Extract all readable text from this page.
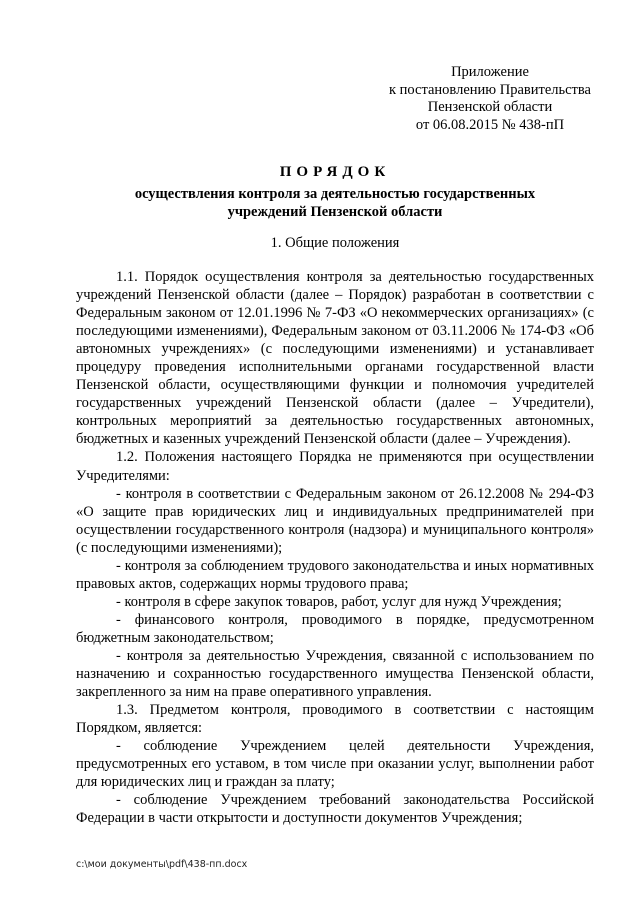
Приложение
к постановлению Правительства
Пензенской области
от 06.08.2015 № 438-пП
ПОРЯДОК
осуществления контроля за деятельностью государственных
учреждений Пензенской области
1. Общие положения

1.1. Порядок осуществления контроля за деятельностью государственных учреждений Пензенской области (далее – Порядок) разработан в соответствии с Федеральным законом от 12.01.1996 № 7-ФЗ «О некоммерческих организациях» (с последующими изменениями), Федеральным законом от 03.11.2006 № 174-ФЗ «Об автономных учреждениях» (с последующими изменениями) и устанавливает процедуру проведения исполнительными органами государственной власти Пензенской области, осуществляющими функции и полномочия учредителей государственных учреждений Пензенской области (далее – Учредители), контрольных мероприятий за деятельностью государственных автономных, бюджетных и казенных учреждений Пензенской области (далее – Учреждения).

1.2. Положения настоящего Порядка не применяются при осуществлении Учредителями:

- контроля в соответствии с Федеральным законом от 26.12.2008 № 294-ФЗ «О защите прав юридических лиц и индивидуальных предпринимателей при осуществлении государственного контроля (надзора) и муниципального контроля» (с последующими изменениями);

- контроля за соблюдением трудового законодательства и иных нормативных правовых актов, содержащих нормы трудового права;

- контроля в сфере закупок товаров, работ, услуг для нужд Учреждения;

- финансового контроля, проводимого в порядке, предусмотренном бюджетным законодательством;

- контроля за деятельностью Учреждения, связанной с использованием по назначению и сохранностью государственного имущества Пензенской области, закрепленного за ним на праве оперативного управления.

1.3. Предметом контроля, проводимого в соответствии с настоящим Порядком, является:

- соблюдение Учреждением целей деятельности Учреждения, предусмотренных его уставом, в том числе при оказании услуг, выполнении работ для юридических лиц и граждан за плату;

- соблюдение Учреждением требований законодательства Российской Федерации в части открытости и доступности документов Учреждения;

c:\мои документы\pdf\438-пп.docx
